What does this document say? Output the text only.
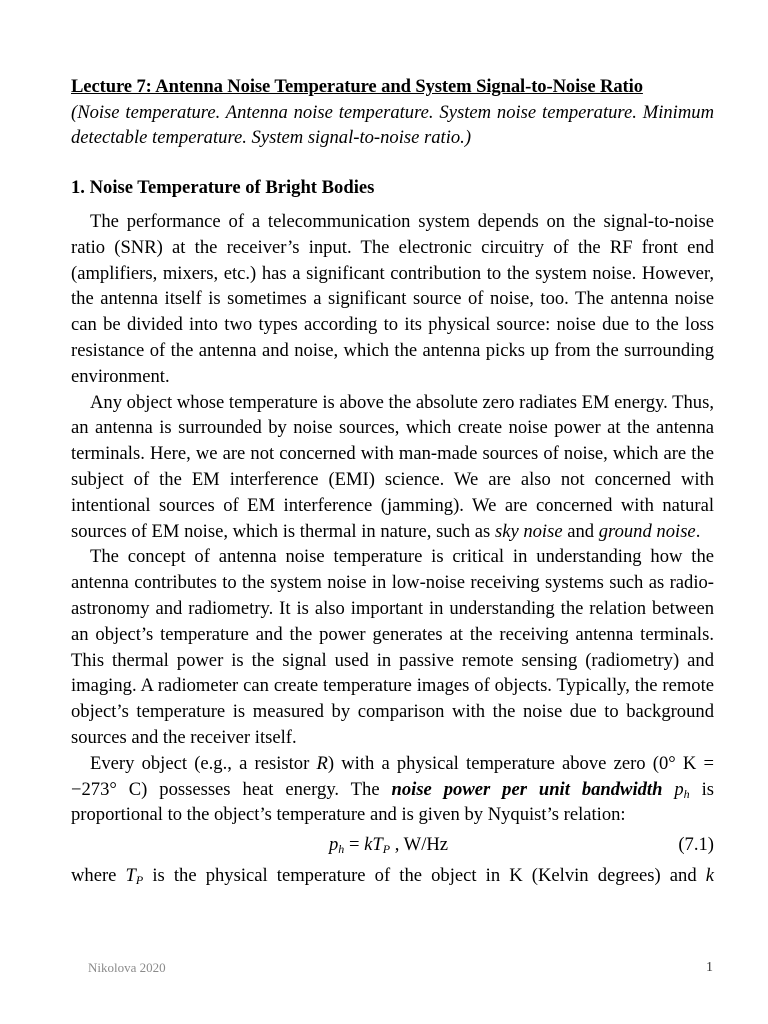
Lecture 7: Antenna Noise Temperature and System Signal-to-Noise Ratio
(Noise temperature. Antenna noise temperature. System noise temperature. Minimum detectable temperature. System signal-to-noise ratio.)
1. Noise Temperature of Bright Bodies

The performance of a telecommunication system depends on the signal-to-noise ratio (SNR) at the receiver’s input. The electronic circuitry of the RF front end (amplifiers, mixers, etc.) has a significant contribution to the system noise. However, the antenna itself is sometimes a significant source of noise, too. The antenna noise can be divided into two types according to its physical source: noise due to the loss resistance of the antenna and noise, which the antenna picks up from the surrounding environment.

Any object whose temperature is above the absolute zero radiates EM energy. Thus, an antenna is surrounded by noise sources, which create noise power at the antenna terminals. Here, we are not concerned with man-made sources of noise, which are the subject of the EM interference (EMI) science. We are also not concerned with intentional sources of EM interference (jamming). We are concerned with natural sources of EM noise, which is thermal in nature, such as sky noise and ground noise.

The concept of antenna noise temperature is critical in understanding how the antenna contributes to the system noise in low-noise receiving systems such as radio-astronomy and radiometry. It is also important in understanding the relation between an object’s temperature and the power generates at the receiving antenna terminals. This thermal power is the signal used in passive remote sensing (radiometry) and imaging. A radiometer can create temperature images of objects. Typically, the remote object’s temperature is measured by comparison with the noise due to background sources and the receiver itself.

Every object (e.g., a resistor R) with a physical temperature above zero (0° K = −273° C) possesses heat energy. The noise power per unit bandwidth $p_h$ is proportional to the object’s temperature and is given by Nyquist’s relation:

$p_h = kT_P$ , W/Hz	(7.1)

where $T_P$ is the physical temperature of the object in K (Kelvin degrees) and k

Nikolova 2020	1
